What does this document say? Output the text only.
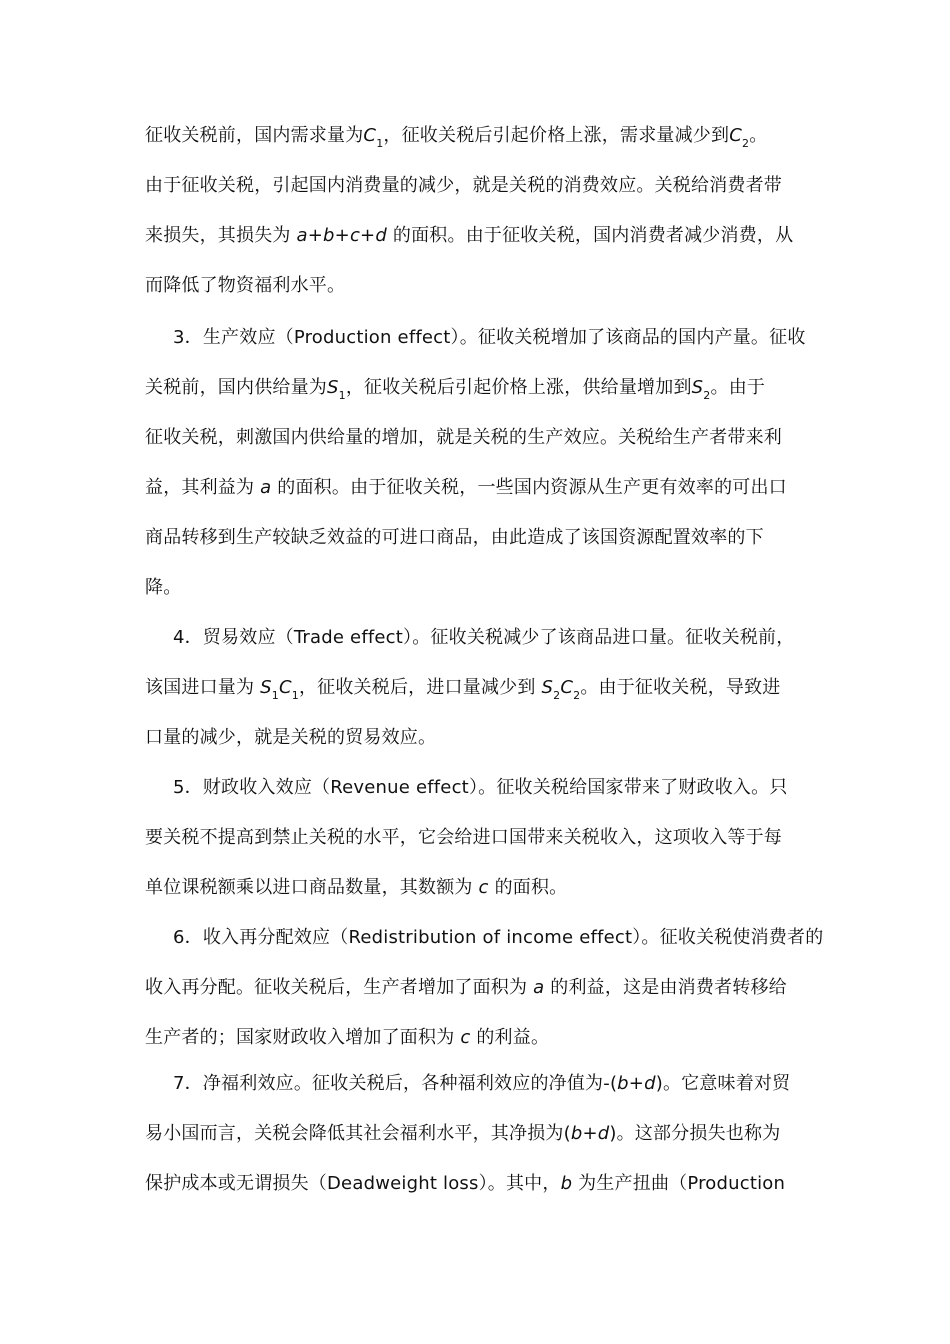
征收关税前，国内需求量为$C_1$，征收关税后引起价格上涨，需求量减少到$C_2$。
由于征收关税，引起国内消费量的减少，就是关税的消费效应。关税给消费者带
来损失，其损失为 a+b+c+d 的面积。由于征收关税，国内消费者减少消费，从
而降低了物资福利水平。
3．生产效应（Production effect）。征收关税增加了该商品的国内产量。征收
关税前，国内供给量为$S_1$，征收关税后引起价格上涨，供给量增加到$S_2$。由于
征收关税，刺激国内供给量的增加，就是关税的生产效应。关税给生产者带来利
益，其利益为 a 的面积。由于征收关税，一些国内资源从生产更有效率的可出口
商品转移到生产较缺乏效益的可进口商品，由此造成了该国资源配置效率的下
降。
4．贸易效应（Trade effect）。征收关税减少了该商品进口量。征收关税前，
该国进口量为 $S_1C_1$，征收关税后，进口量减少到 $S_2C_2$。由于征收关税，导致进
口量的减少，就是关税的贸易效应。
5．财政收入效应（Revenue effect）。征收关税给国家带来了财政收入。只
要关税不提高到禁止关税的水平，它会给进口国带来关税收入，这项收入等于每
单位课税额乘以进口商品数量，其数额为 c 的面积。
6．收入再分配效应（Redistribution of income effect）。征收关税使消费者的
收入再分配。征收关税后，生产者增加了面积为 a 的利益，这是由消费者转移给
生产者的；国家财政收入增加了面积为 c 的利益。
7．净福利效应。征收关税后，各种福利效应的净值为-(b+d)。它意味着对贸
易小国而言，关税会降低其社会福利水平，其净损为(b+d)。这部分损失也称为
保护成本或无谓损失（Deadweight loss）。其中，b 为生产扭曲（Production
